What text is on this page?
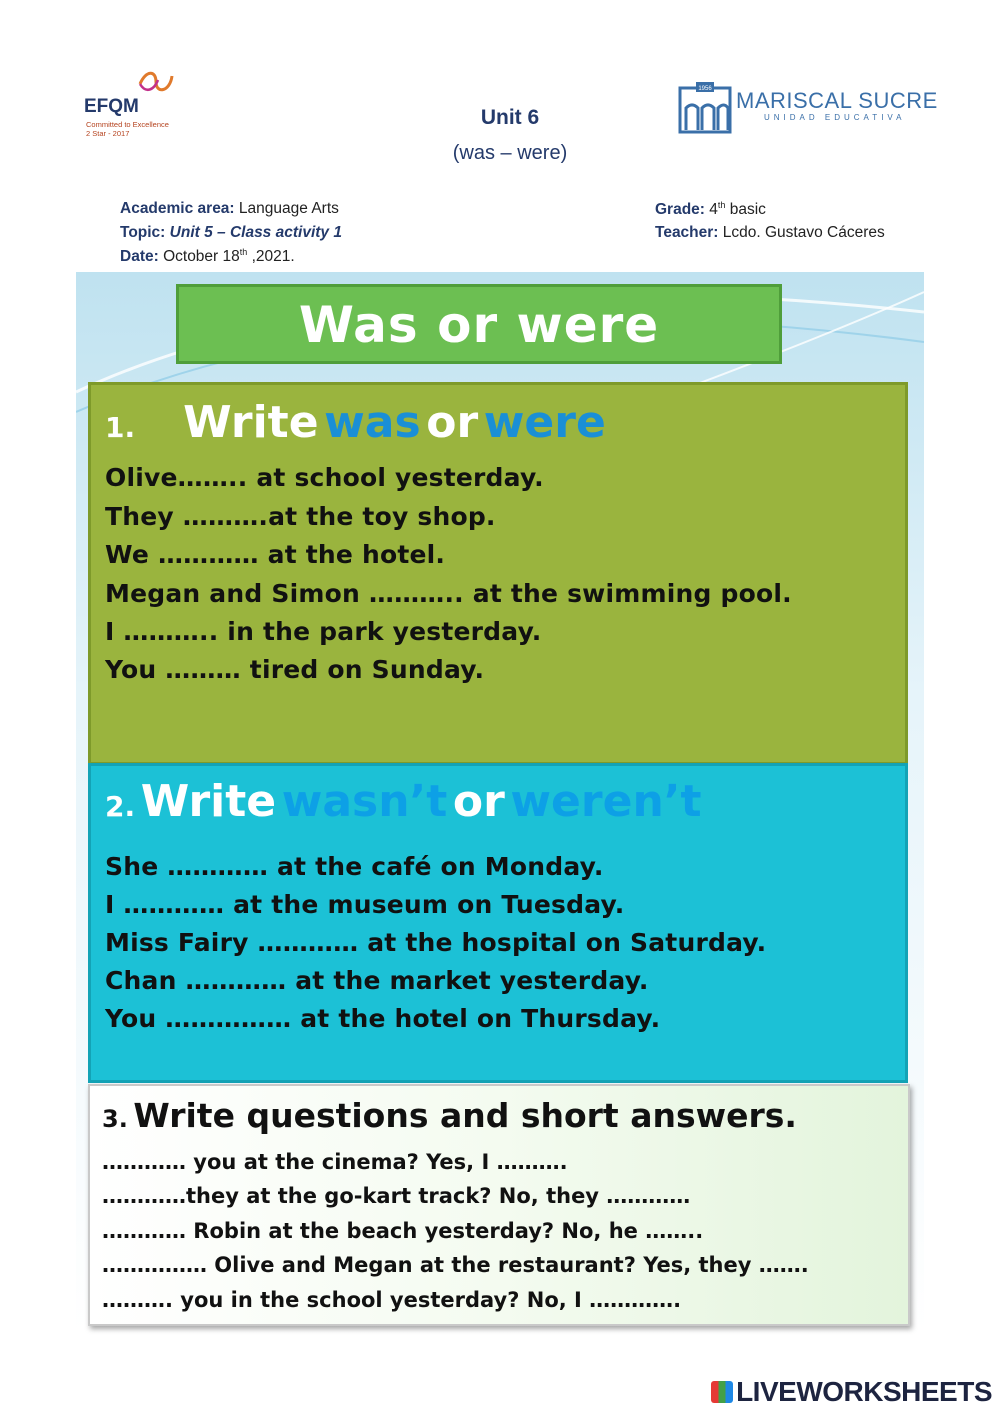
EFQM
Committed to Excellence
2 Star - 2017
Unit 6
(was – were)
1956 MARISCAL SUCRE
UNIDAD EDUCATIVA
Academic area: Language Arts
Topic: Unit 5 – Class activity 1
Date: October 18th ,2021.
Grade: 4th basic
Teacher: Lcdo. Gustavo Cáceres
Was or were
1. Write was or were
Olive…….. at school yesterday.
They ……….at the toy shop.
We ………… at the hotel.
Megan and Simon ……….. at the swimming pool.
I ……….. in the park yesterday.
You ……… tired on Sunday.
2. Write wasn’t or weren’t
She ………… at the café on Monday.
I ………… at the museum on Tuesday.
Miss Fairy ………… at the hospital on Saturday.
Chan ………… at the market yesterday.
You …………… at the hotel on Thursday.
3. Write questions and short answers.
………… you at the cinema? Yes, I ……….
…………they at the go-kart track? No, they …………
………… Robin at the beach yesterday? No, he ……..
…………… Olive and Megan at the restaurant? Yes, they …….
………. you in the school yesterday? No, I ………….
LIVEWORKSHEETS
